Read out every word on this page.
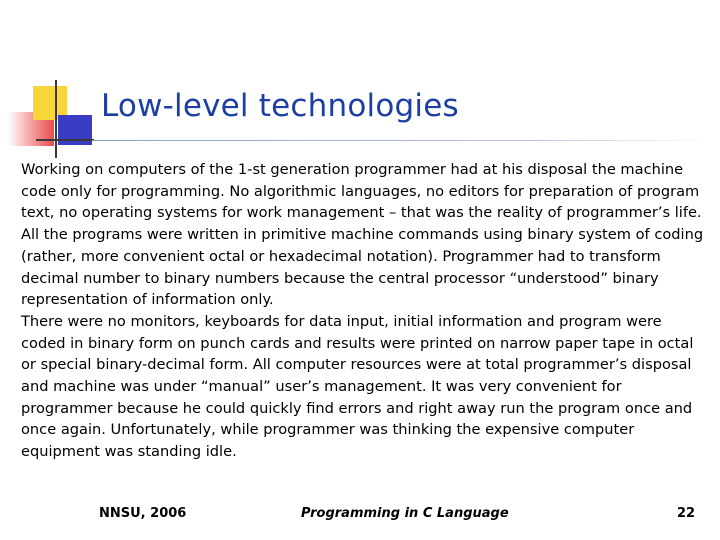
Low-level technologies

Working on computers of the 1-st generation programmer had at his disposal the machine code only for programming. No algorithmic languages, no editors for preparation of program text, no operating systems for work management – that was the reality of programmer’s life. All the programs were written in primitive machine commands using binary system of coding (rather, more convenient octal or hexadecimal notation). Programmer had to transform decimal number to binary numbers because the central processor “understood” binary representation of information only.

There were no monitors, keyboards for data input, initial information and program were coded in binary form on punch cards and results were printed on narrow paper tape in octal or special binary-decimal form. All computer resources were at total programmer’s disposal and machine was under “manual” user’s management. It was very convenient for programmer because he could quickly find errors and right away run the program once and once again. Unfortunately, while programmer was thinking the expensive computer equipment was standing idle.

NNSU, 2006	Programming in C Language	22
